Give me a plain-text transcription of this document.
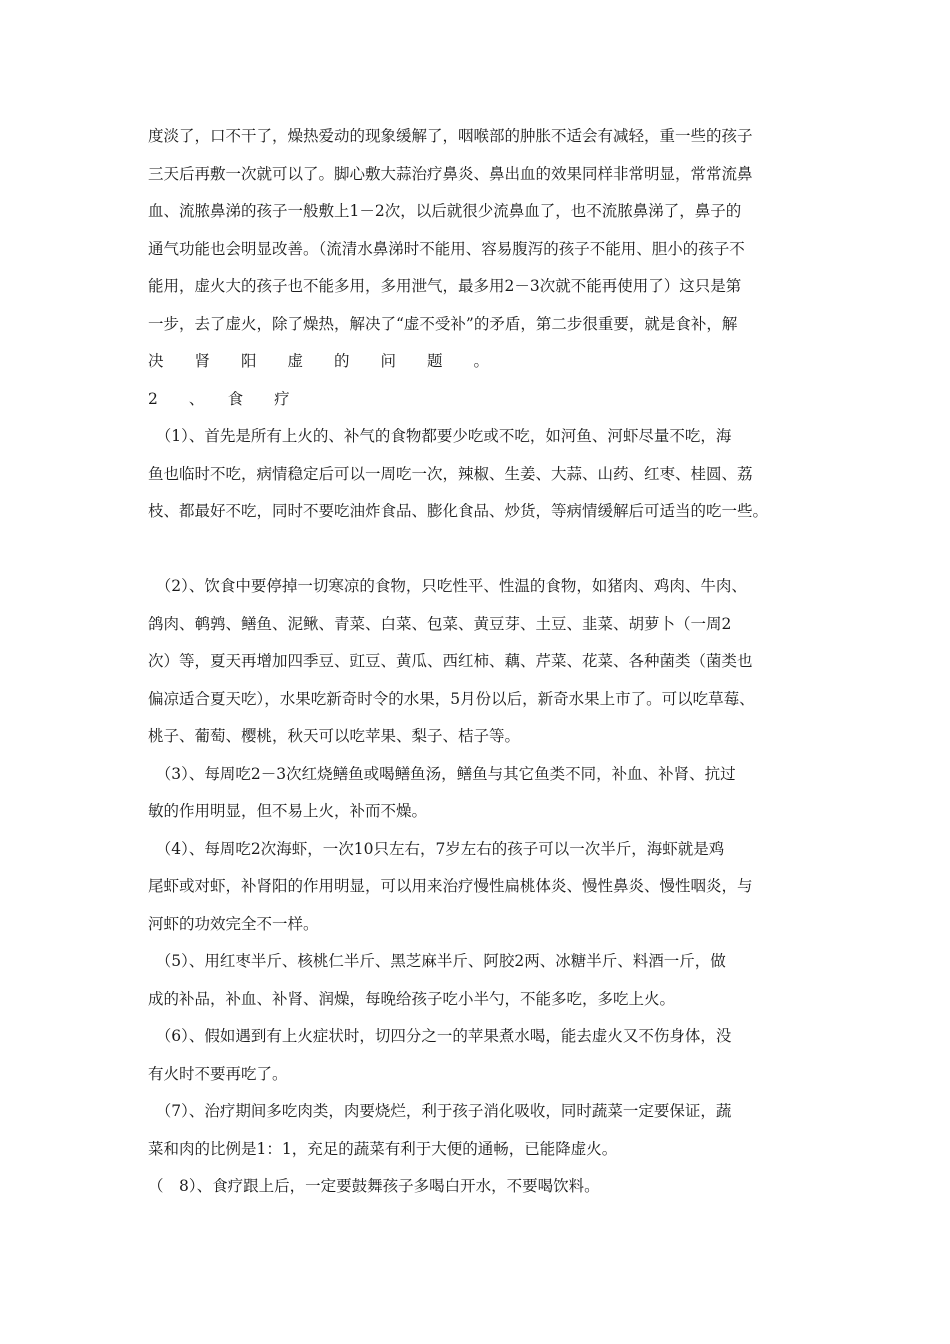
度淡了，口不干了，燥热爱动的现象缓解了，咽喉部的肿胀不适会有减轻，重一些的孩子
三天后再敷一次就可以了。脚心敷大蒜治疗鼻炎、鼻出血的效果同样非常明显，常常流鼻
血、流脓鼻涕的孩子一般敷上1－2次，以后就很少流鼻血了，也不流脓鼻涕了，鼻子的
通气功能也会明显改善。（流清水鼻涕时不能用、容易腹泻的孩子不能用、胆小的孩子不
能用，虚火大的孩子也不能多用，多用泄气，最多用2－3次就不能再使用了）这只是第
一步，去了虚火，除了燥热，解决了“虚不受补”的矛盾，第二步很重要，就是食补，解
决　　肾　　阳　　虚　　的　　问　　题　　。
2　　、　　食　　疗
　（1）、首先是所有上火的、补气的食物都要少吃或不吃，如河鱼、河虾尽量不吃，海
鱼也临时不吃，病情稳定后可以一周吃一次，辣椒、生姜、大蒜、山药、红枣、桂圆、荔
枝、都最好不吃，同时不要吃油炸食品、膨化食品、炒货，等病情缓解后可适当的吃一些。
　（2）、饮食中要停掉一切寒凉的食物，只吃性平、性温的食物，如猪肉、鸡肉、牛肉、
鸽肉、鹌鹑、鳝鱼、泥鳅、青菜、白菜、包菜、黄豆芽、土豆、韭菜、胡萝卜（一周2
次）等，夏天再增加四季豆、豇豆、黄瓜、西红柿、藕、芹菜、花菜、各种菌类（菌类也
偏凉适合夏天吃），水果吃新奇时令的水果，5月份以后，新奇水果上市了。可以吃草莓、
桃子、葡萄、樱桃，秋天可以吃苹果、梨子、桔子等。
　（3）、每周吃2－3次红烧鳝鱼或喝鳝鱼汤，鳝鱼与其它鱼类不同，补血、补肾、抗过
敏的作用明显，但不易上火，补而不燥。
　（4）、每周吃2次海虾，一次10只左右，7岁左右的孩子可以一次半斤，海虾就是鸡
尾虾或对虾，补肾阳的作用明显，可以用来治疗慢性扁桃体炎、慢性鼻炎、慢性咽炎，与
河虾的功效完全不一样。
　（5）、用红枣半斤、核桃仁半斤、黑芝麻半斤、阿胶2两、冰糖半斤、料酒一斤，做
成的补品，补血、补肾、润燥，每晚给孩子吃小半勺，不能多吃，多吃上火。
　（6）、假如遇到有上火症状时，切四分之一的苹果煮水喝，能去虚火又不伤身体，没
有火时不要再吃了。
　（7）、治疗期间多吃肉类，肉要烧烂，利于孩子消化吸收，同时蔬菜一定要保证，蔬
菜和肉的比例是1：1，充足的蔬菜有利于大便的通畅，已能降虚火。
（　8）、食疗跟上后，一定要鼓舞孩子多喝白开水，不要喝饮料。
